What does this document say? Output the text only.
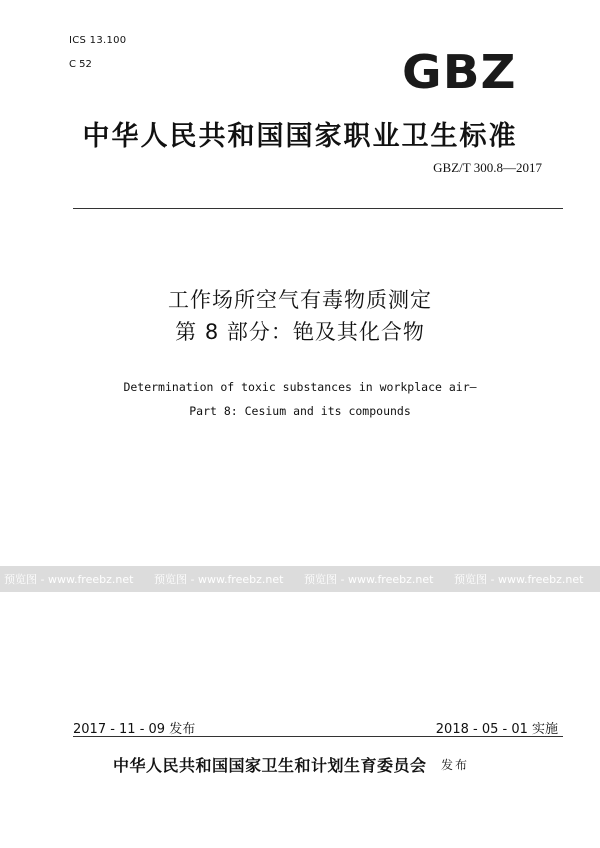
ICS 13.100
C 52	GBZ
中华人民共和国国家职业卫生标准
GBZ/T 300.8—2017
工作场所空气有毒物质测定
第 8 部分：铯及其化合物
Determination of toxic substances in workplace air—
Part 8: Cesium and its compounds
预览图 - www.freebz.net	预览图 - www.freebz.net	预览图 - www.freebz.net	预览图 - www.freebz.net
2017 - 11 - 09 发布	2018 - 05 - 01 实施
中华人民共和国国家卫生和计划生育委员会 发布
